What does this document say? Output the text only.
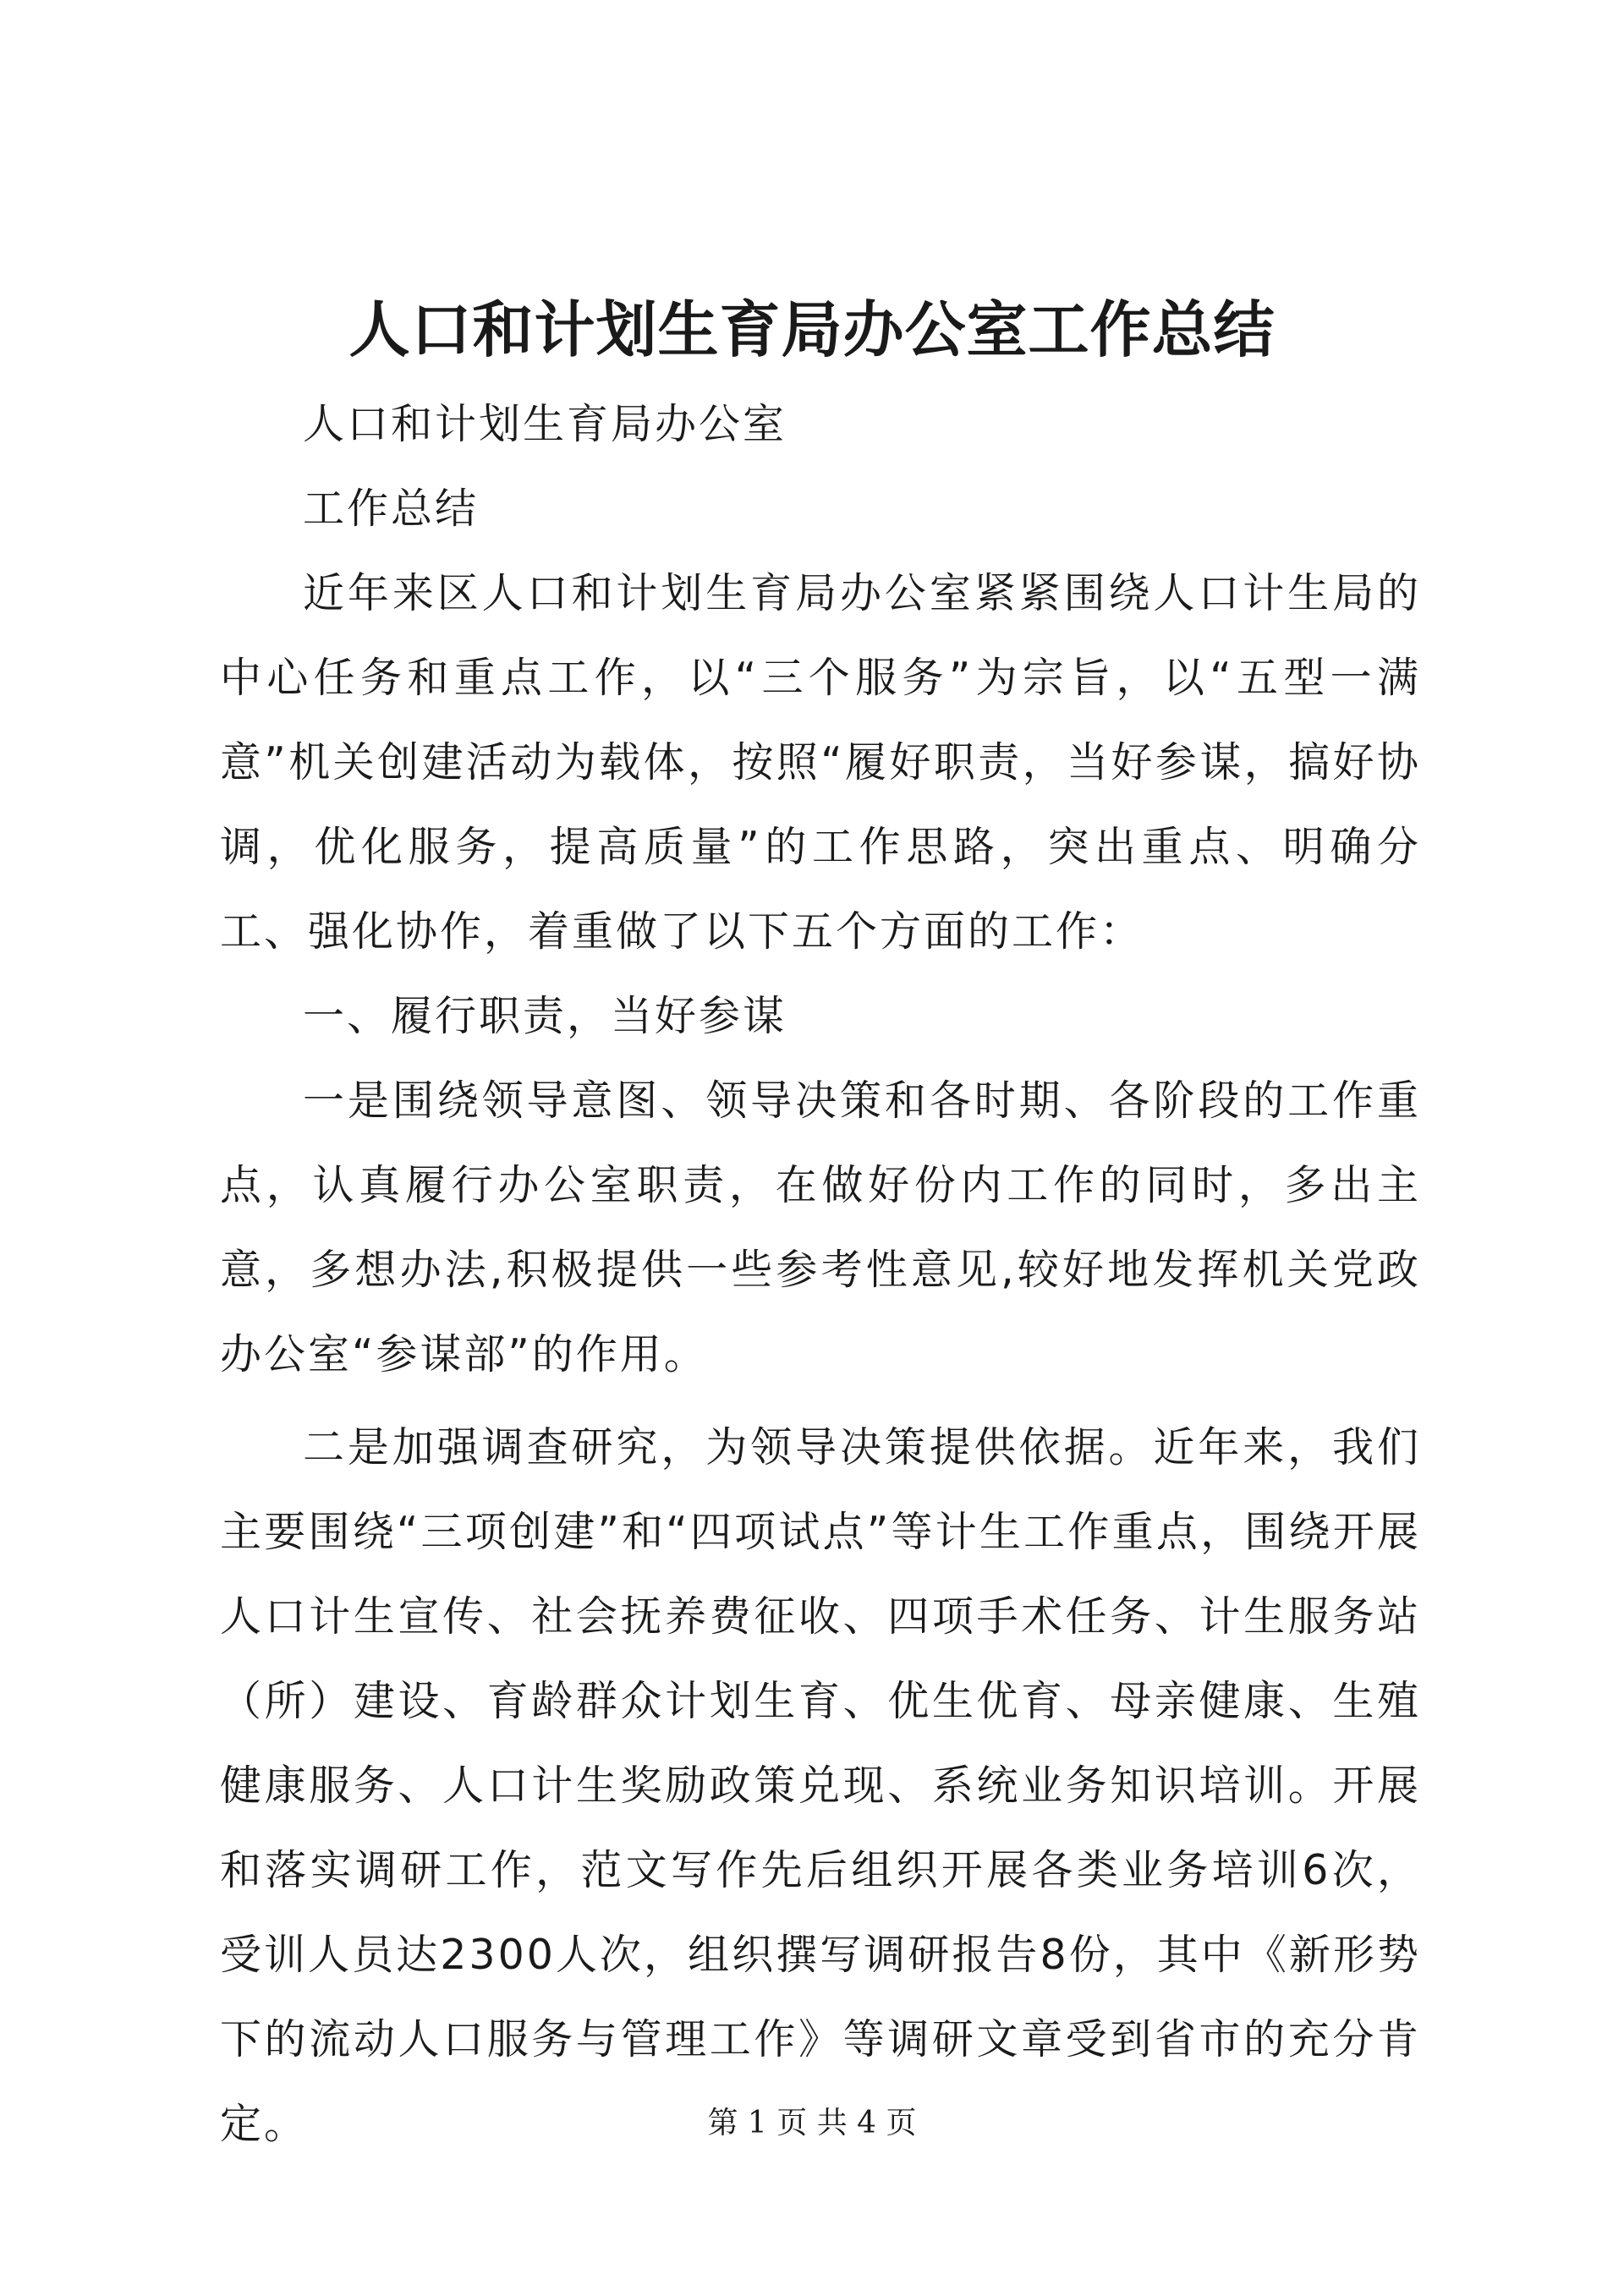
人口和计划生育局办公室工作总结

人口和计划生育局办公室

工作总结

近年来区人口和计划生育局办公室紧紧围绕人口计生局的中心任务和重点工作，以“三个服务”为宗旨，以“五型一满意”机关创建活动为载体，按照“履好职责，当好参谋，搞好协调，优化服务，提高质量”的工作思路，突出重点、明确分工、强化协作，着重做了以下五个方面的工作：

一、履行职责，当好参谋

一是围绕领导意图、领导决策和各时期、各阶段的工作重点，认真履行办公室职责，在做好份内工作的同时，多出主意，多想办法,积极提供一些参考性意见,较好地发挥机关党政办公室“参谋部”的作用。

二是加强调查研究，为领导决策提供依据。近年来，我们主要围绕“三项创建”和“四项试点”等计生工作重点，围绕开展人口计生宣传、社会抚养费征收、四项手术任务、计生服务站（所）建设、育龄群众计划生育、优生优育、母亲健康、生殖健康服务、人口计生奖励政策兑现、系统业务知识培训。开展和落实调研工作，范文写作先后组织开展各类业务培训6次，受训人员达2300人次，组织撰写调研报告8份，其中《新形势下的流动人口服务与管理工作》等调研文章受到省市的充分肯定。	第 1 页 共 4 页
